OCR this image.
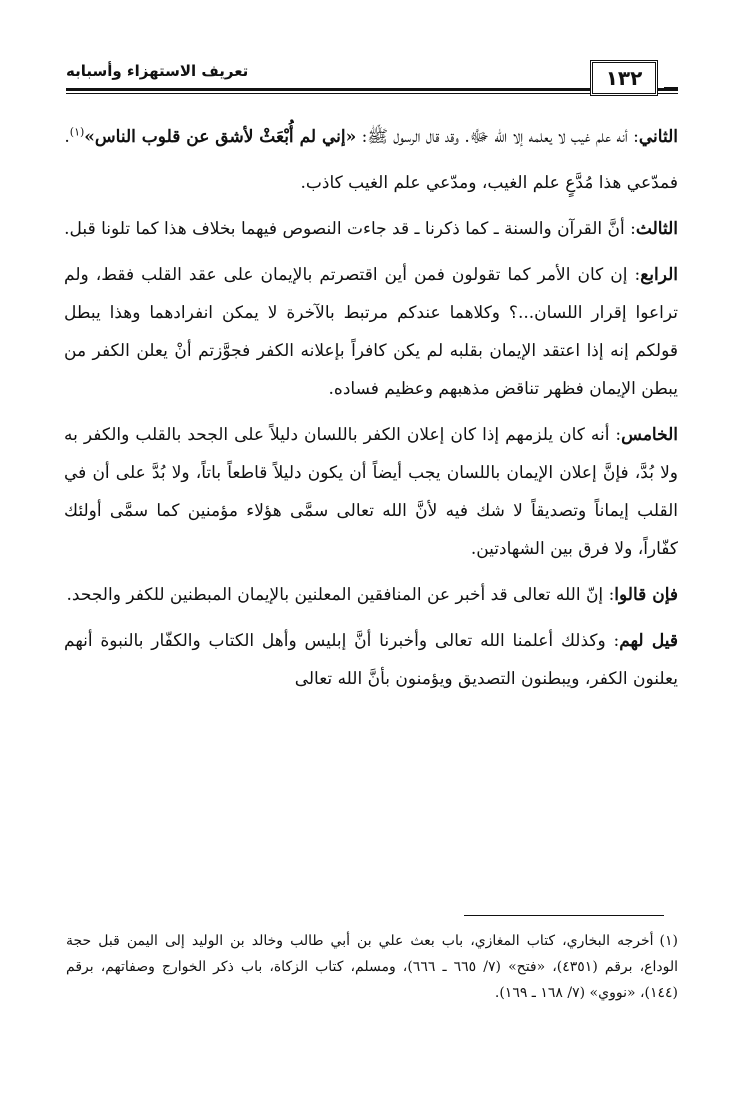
١٣٢
تعريف الاستهزاء وأسبابه

الثاني: أنه علم غيب لا يعلمه إلا الله ﷻ. وقد قال الرسول ﷺ: «إني لم أُبْعَثْ لأشق عن قلوب الناس»$^{(١)}$.

فمدّعي هذا مُدَّعٍ علم الغيب، ومدّعي علم الغيب كاذب.

الثالث: أنَّ القرآن والسنة ـ كما ذكرنا ـ قد جاءت النصوص فيهما بخلاف هذا كما تلونا قبل.

الرابع: إن كان الأمر كما تقولون فمن أين اقتصرتم بالإيمان على عقد القلب فقط، ولم تراعوا إقرار اللسان...؟ وكلاهما عندكم مرتبط بالآخرة لا يمكن انفرادهما وهذا يبطل قولكم إنه إذا اعتقد الإيمان بقلبه لم يكن كافراً بإعلانه الكفر فجوَّزتم أنْ يعلن الكفر من يبطن الإيمان فظهر تناقض مذهبهم وعظيم فساده.

الخامس: أنه كان يلزمهم إذا كان إعلان الكفر باللسان دليلاً على الجحد بالقلب والكفر به ولا بُدَّ، فإنَّ إعلان الإيمان باللسان يجب أيضاً أن يكون دليلاً قاطعاً باتاً، ولا بُدَّ على أن في القلب إيماناً وتصديقاً لا شك فيه لأنَّ الله تعالى سمَّى هؤلاء مؤمنين كما سمَّى أولئك كفّاراً، ولا فرق بين الشهادتين.

فإن قالوا: إنّ الله تعالى قد أخبر عن المنافقين المعلنين بالإيمان المبطنين للكفر والجحد.

قيل لهم: وكذلك أعلمنا الله تعالى وأخبرنا أنَّ إبليس وأهل الكتاب والكفّار بالنبوة أنهم يعلنون الكفر، ويبطنون التصديق ويؤمنون بأنَّ الله تعالى

(١)أخرجه البخاري، كتاب المغازي، باب بعث علي بن أبي طالب وخالد بن الوليد إلى اليمن قبل حجة الوداع، برقم (٤٣٥١)، «فتح» (٧/ ٦٦٥ ـ ٦٦٦)، ومسلم، كتاب الزكاة، باب ذكر الخوارج وصفاتهم، برقم (١٤٤)، «نووي» (٧/ ١٦٨ ـ ١٦٩).
